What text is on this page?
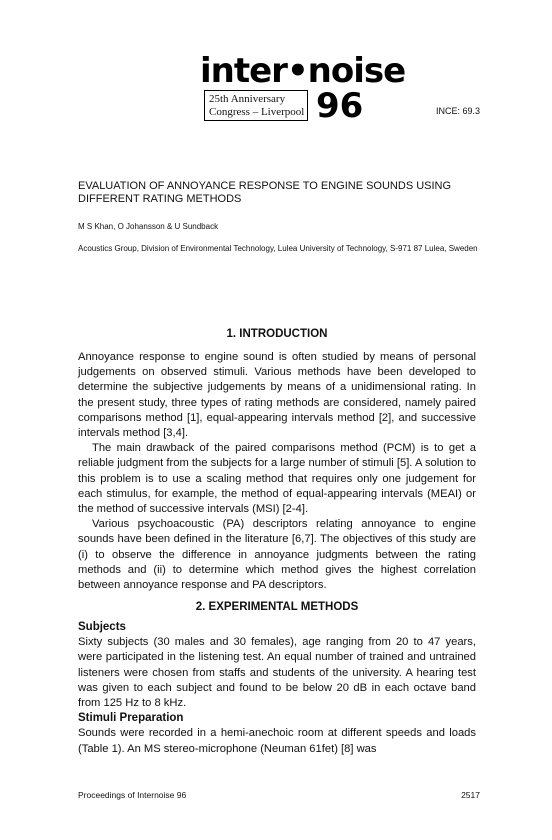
inter•noise
25th Anniversary
Congress – Liverpool 96	INCE: 69.3
EVALUATION OF ANNOYANCE RESPONSE TO ENGINE SOUNDS USING DIFFERENT RATING METHODS
M S Khan, O Johansson & U Sundback
Acoustics Group, Division of Environmental Technology, Lulea University of Technology, S-971 87 Lulea, Sweden
1. INTRODUCTION

Annoyance response to engine sound is often studied by means of personal judgements on observed stimuli. Various methods have been developed to determine the subjective judgements by means of a unidimensional rating. In the present study, three types of rating methods are considered, namely paired comparisons method [1], equal-appearing intervals method [2], and successive intervals method [3,4].

The main drawback of the paired comparisons method (PCM) is to get a reliable judgment from the subjects for a large number of stimuli [5]. A solution to this problem is to use a scaling method that requires only one judgement for each stimulus, for example, the method of equal-appearing intervals (MEAI) or the method of successive intervals (MSI) [2-4].

Various psychoacoustic (PA) descriptors relating annoyance to engine sounds have been defined in the literature [6,7]. The objectives of this study are (i) to observe the difference in annoyance judgments between the rating methods and (ii) to determine which method gives the highest correlation between annoyance response and PA descriptors.

2. EXPERIMENTAL METHODS
Subjects

Sixty subjects (30 males and 30 females), age ranging from 20 to 47 years, were participated in the listening test. An equal number of trained and untrained listeners were chosen from staffs and students of the university. A hearing test was given to each subject and found to be below 20 dB in each octave band from 125 Hz to 8 kHz.

Stimuli Preparation

Sounds were recorded in a hemi-anechoic room at different speeds and loads (Table 1). An MS stereo-microphone (Neuman 61fet) [8] was

Proceedings of Internoise 96	2517
